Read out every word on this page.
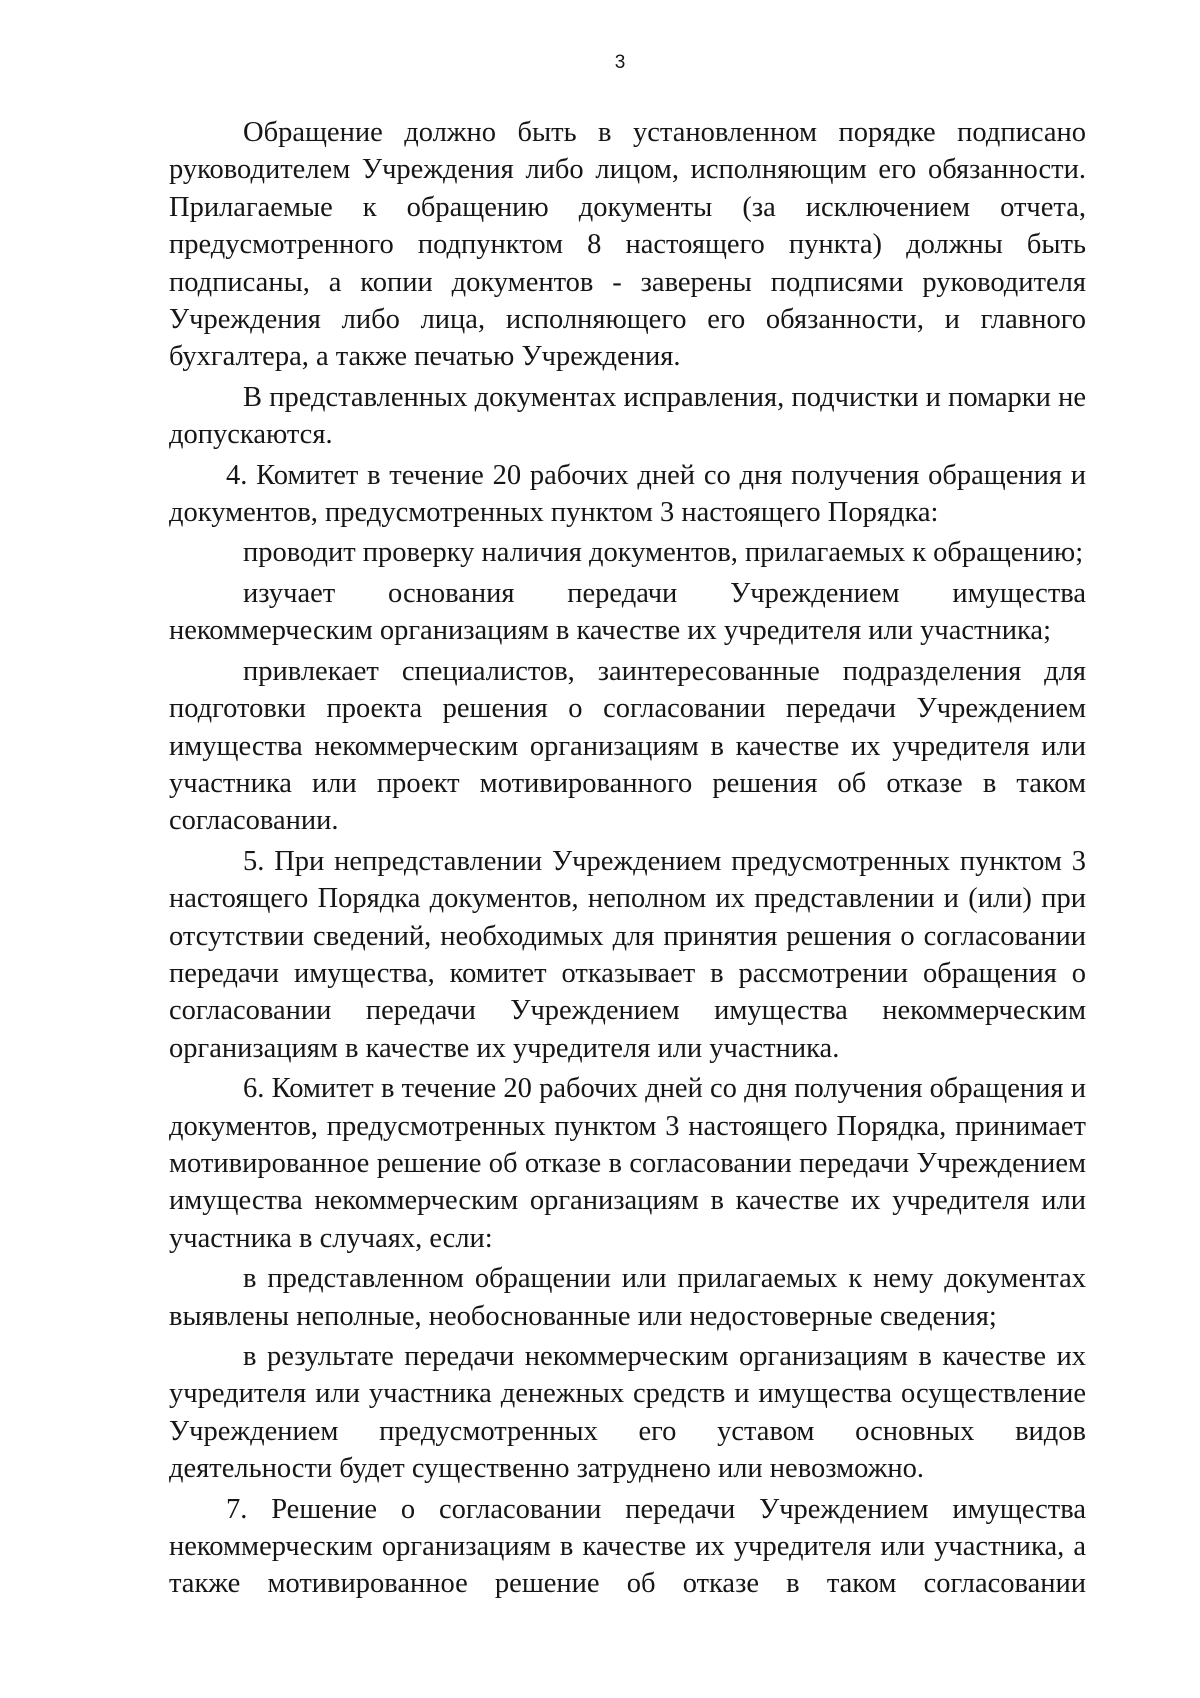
3

Обращение должно быть в установленном порядке подписано руководителем Учреждения либо лицом, исполняющим его обязанности. Прилагаемые к обращению документы (за исключением отчета, предусмотренного подпунктом 8 настоящего пункта) должны быть подписаны, а копии документов - заверены подписями руководителя Учреждения либо лица, исполняющего его обязанности, и главного бухгалтера, а также печатью Учреждения.

В представленных документах исправления, подчистки и помарки не допускаются.

4. Комитет в течение 20 рабочих дней со дня получения обращения и документов, предусмотренных пунктом 3 настоящего Порядка:

проводит проверку наличия документов, прилагаемых к обращению;

изучает основания передачи Учреждением имущества некоммерческим организациям в качестве их учредителя или участника;

привлекает специалистов, заинтересованные подразделения для подготовки проекта решения о согласовании передачи Учреждением имущества некоммерческим организациям в качестве их учредителя или участника или проект мотивированного решения об отказе в таком согласовании.

5. При непредставлении Учреждением предусмотренных пунктом 3 настоящего Порядка документов, неполном их представлении и (или) при отсутствии сведений, необходимых для принятия решения о согласовании передачи имущества, комитет отказывает в рассмотрении обращения о согласовании передачи Учреждением имущества некоммерческим организациям в качестве их учредителя или участника.

6. Комитет в течение 20 рабочих дней со дня получения обращения и документов, предусмотренных пунктом 3 настоящего Порядка, принимает мотивированное решение об отказе в согласовании передачи Учреждением имущества некоммерческим организациям в качестве их учредителя или участника в случаях, если:

в представленном обращении или прилагаемых к нему документах выявлены неполные, необоснованные или недостоверные сведения;

в результате передачи некоммерческим организациям в качестве их учредителя или участника денежных средств и имущества осуществление Учреждением предусмотренных его уставом основных видов деятельности будет существенно затруднено или невозможно.

7. Решение о согласовании передачи Учреждением имущества некоммерческим организациям в качестве их учредителя или участника, а также мотивированное решение об отказе в таком согласовании
